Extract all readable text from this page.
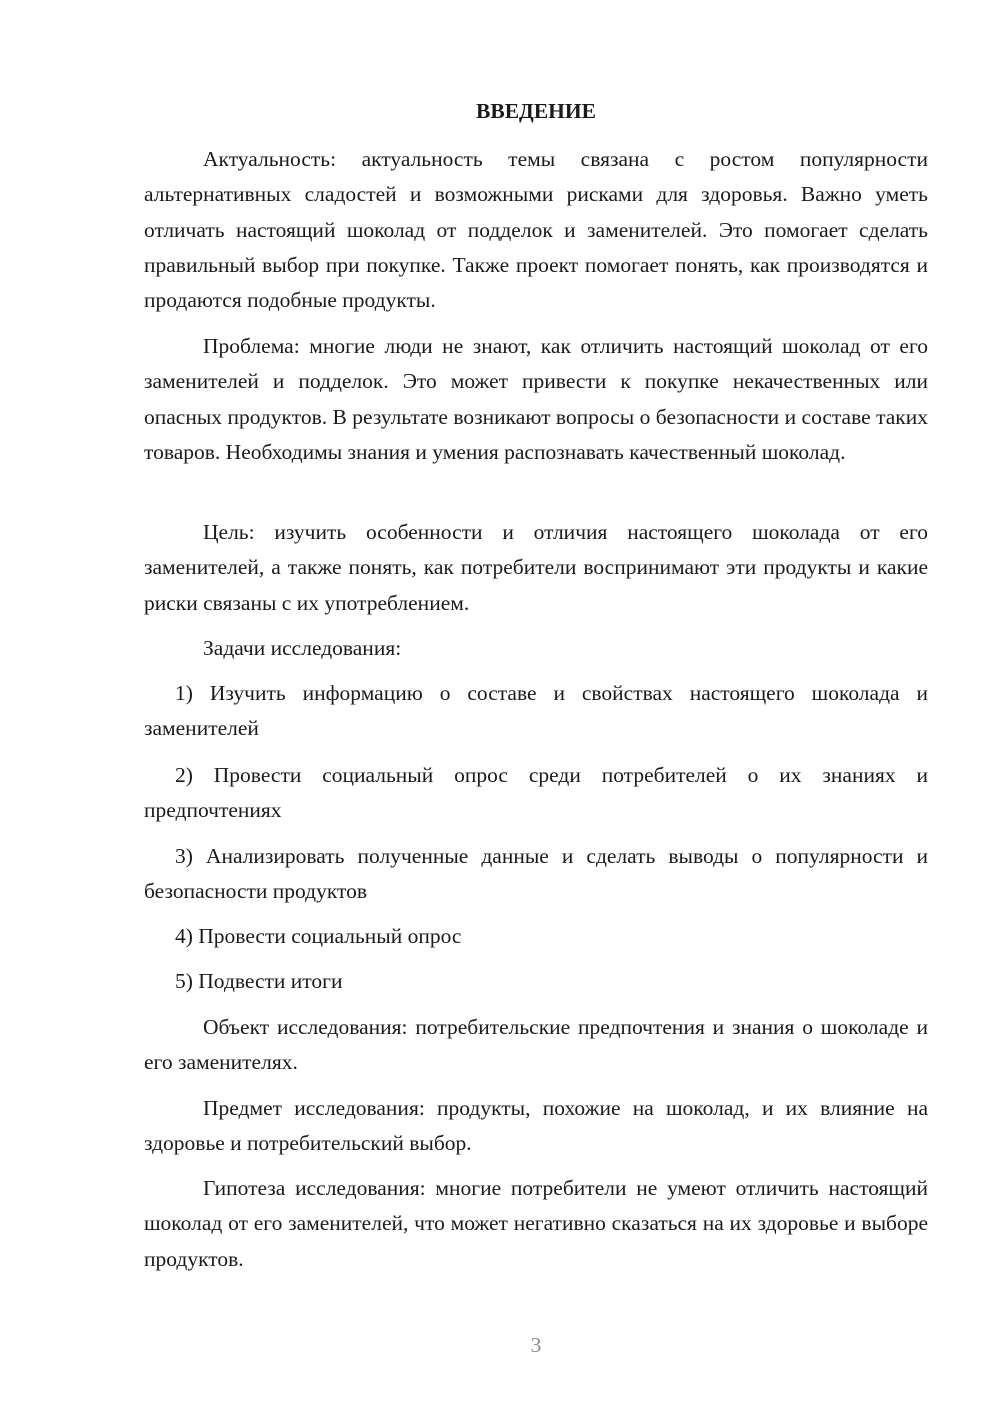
ВВЕДЕНИЕ

Актуальность: актуальность темы связана с ростом популярности альтернативных сладостей и возможными рисками для здоровья. Важно уметь отличать настоящий шоколад от подделок и заменителей. Это помогает сделать правильный выбор при покупке. Также проект помогает понять, как производятся и продаются подобные продукты.

Проблема: многие люди не знают, как отличить настоящий шоколад от его заменителей и подделок. Это может привести к покупке некачественных или опасных продуктов. В результате возникают вопросы о безопасности и составе таких товаров. Необходимы знания и умения распознавать качественный шоколад.

Цель: изучить особенности и отличия настоящего шоколада от его заменителей, а также понять, как потребители воспринимают эти продукты и какие риски связаны с их употреблением.

Задачи исследования:

1) Изучить информацию о составе и свойствах настоящего шоколада и заменителей

2) Провести социальный опрос среди потребителей о их знаниях и предпочтениях

3) Анализировать полученные данные и сделать выводы о популярности и безопасности продуктов

4) Провести социальный опрос

5) Подвести итоги

Объект исследования: потребительские предпочтения и знания о шоколаде и его заменителях.

Предмет исследования: продукты, похожие на шоколад, и их влияние на здоровье и потребительский выбор.

Гипотеза исследования: многие потребители не умеют отличить настоящий шоколад от его заменителей, что может негативно сказаться на их здоровье и выборе продуктов.

3
